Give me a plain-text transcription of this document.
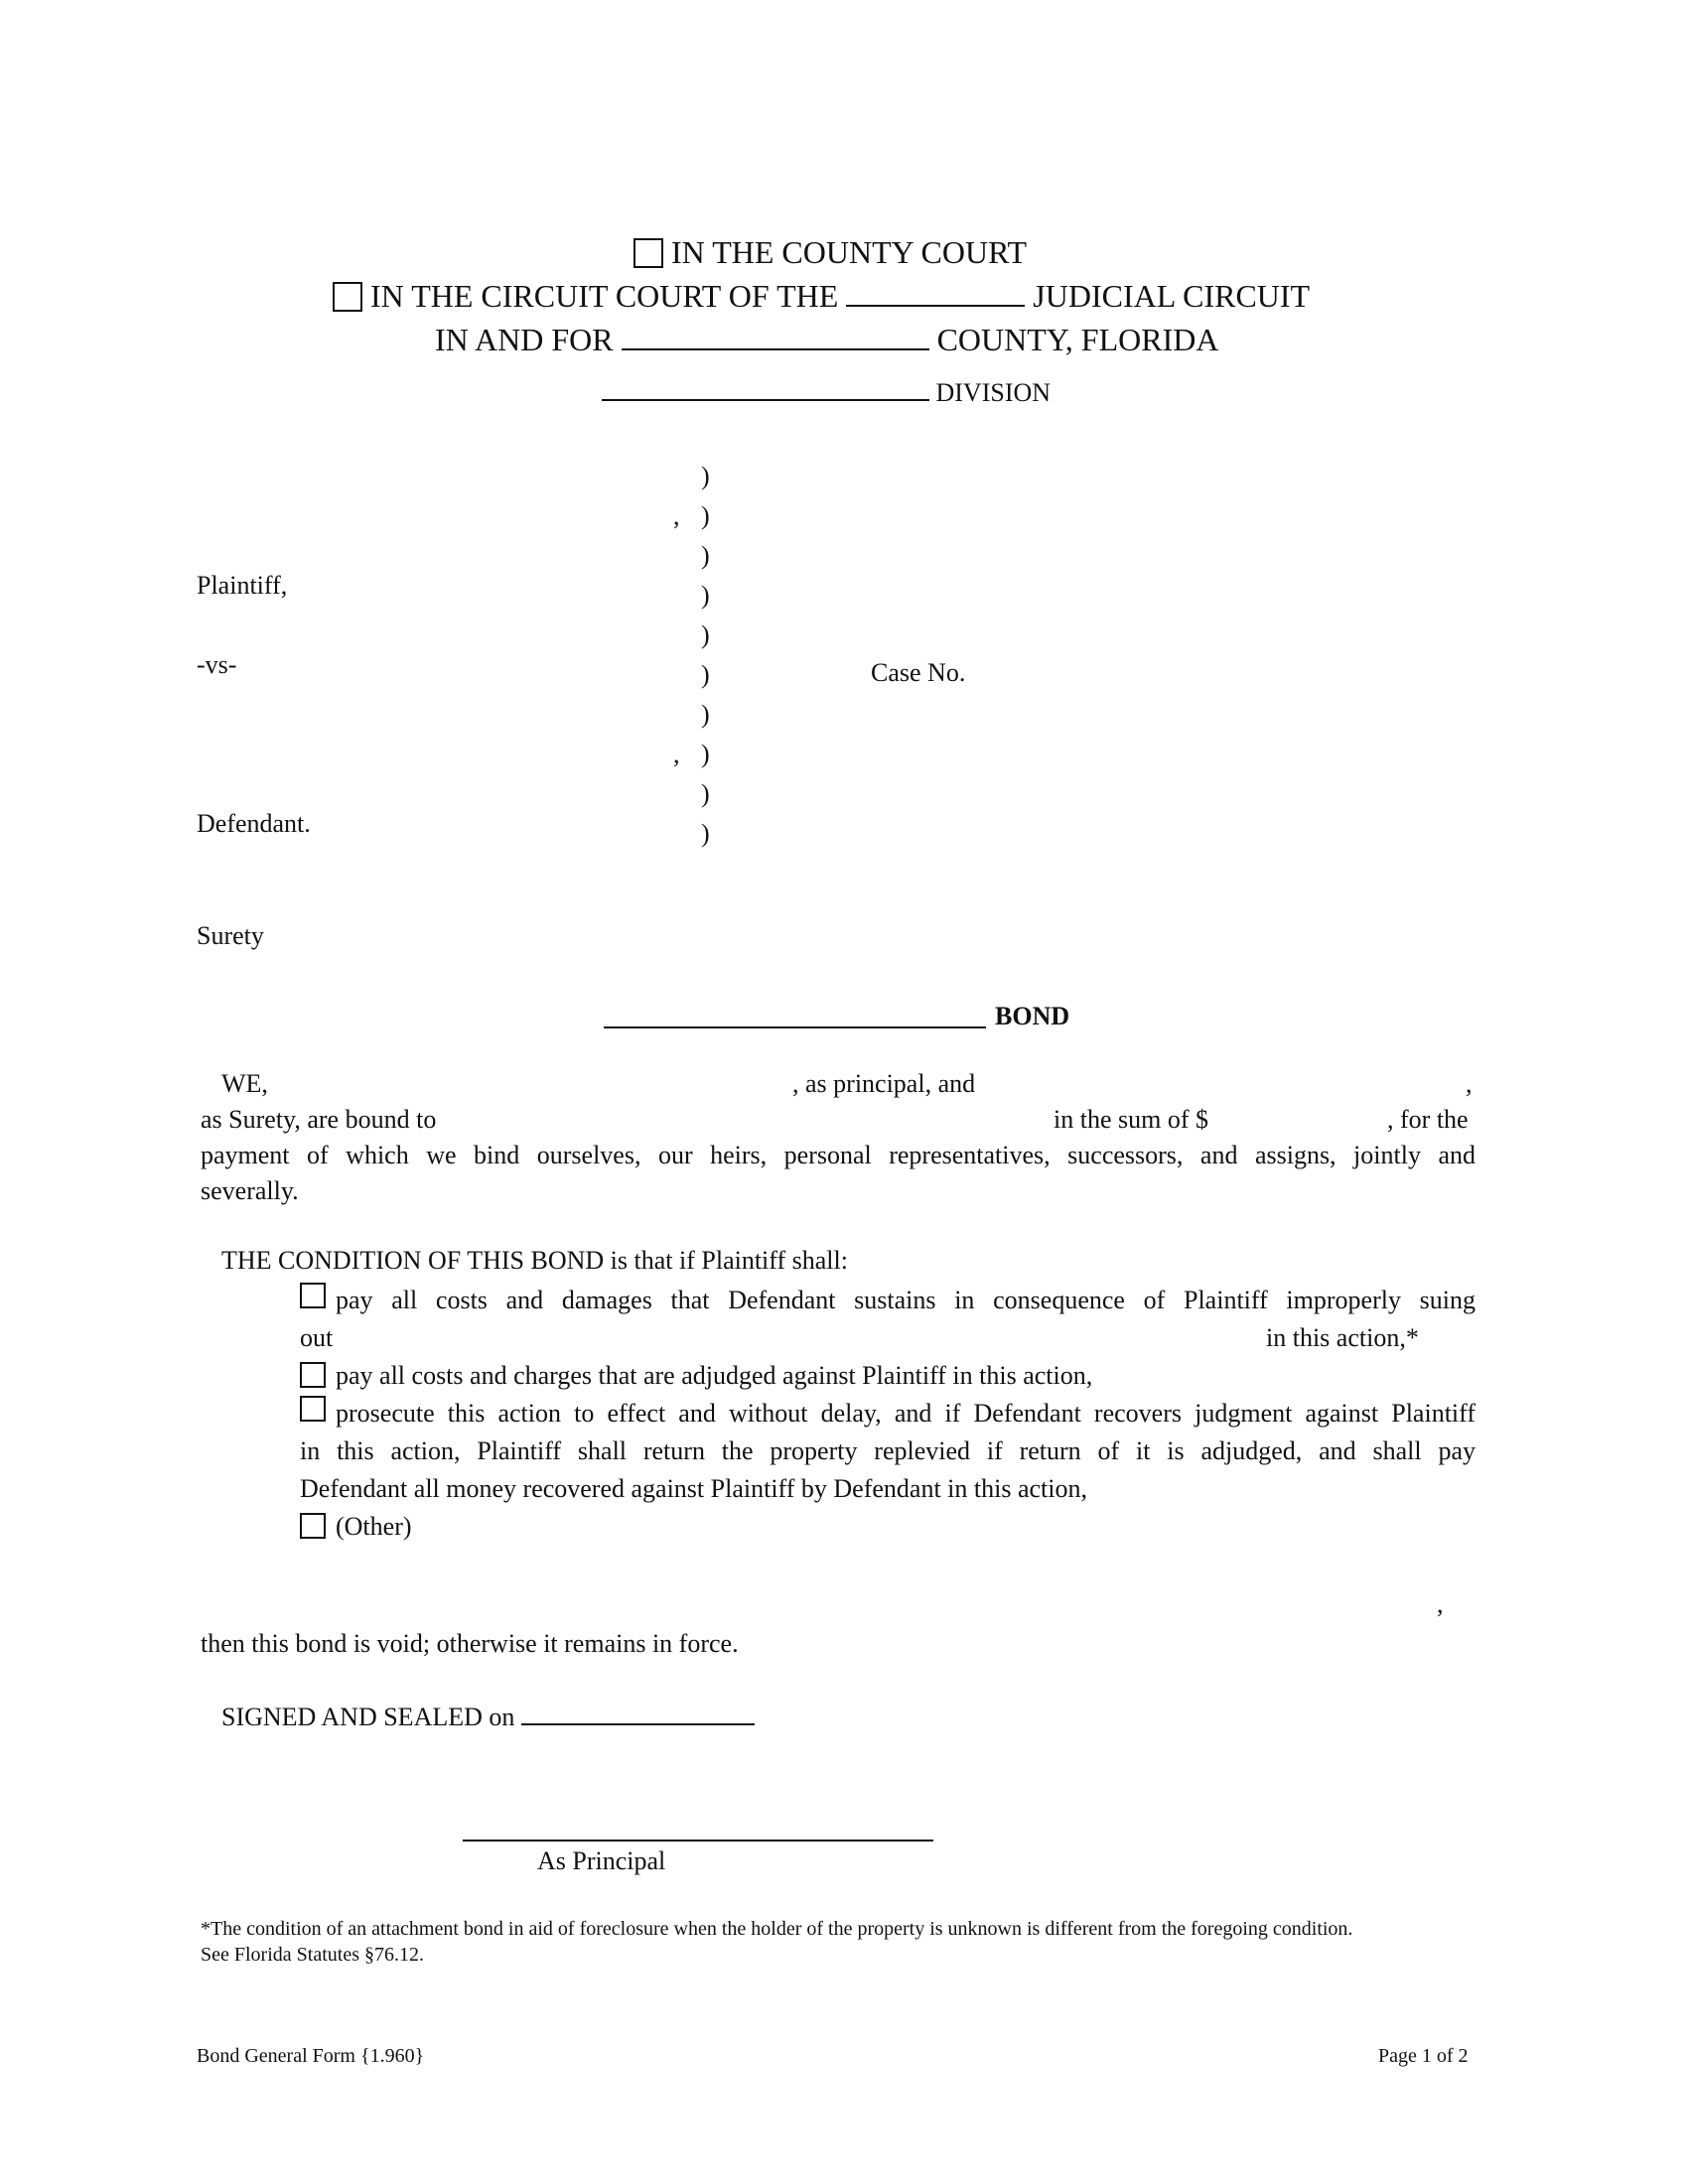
IN THE COUNTY COURT
IN THE CIRCUIT COURT OF THE	JUDICIAL CIRCUIT
IN AND FOR	COUNTY, FLORIDA
DIVISION
)
, )
)
)
)
)
)
, )
)
)
Plaintiff,
-vs-	Case No.
Defendant.
Surety
BOND
WE,	, as principal, and	,
as Surety, are bound to	in the sum of $	, for the
payment of which we bind ourselves, our heirs, personal representatives, successors, and assigns, jointly and
severally.
THE CONDITION OF THIS BOND is that if Plaintiff shall:
pay all costs and damages that Defendant sustains in consequence of Plaintiff improperly suing
out	in this action,*
pay all costs and charges that are adjudged against Plaintiff in this action,
prosecute this action to effect and without delay, and if Defendant recovers judgment against Plaintiff
in this action, Plaintiff shall return the property replevied if return of it is adjudged, and shall pay
Defendant all money recovered against Plaintiff by Defendant in this action,
(Other)
,
then this bond is void; otherwise it remains in force.
SIGNED AND SEALED on
As Principal
*The condition of an attachment bond in aid of foreclosure when the holder of the property is unknown is different from the foregoing condition.
See Florida Statutes §76.12.
Bond General Form {1.960}	Page 1 of 2
